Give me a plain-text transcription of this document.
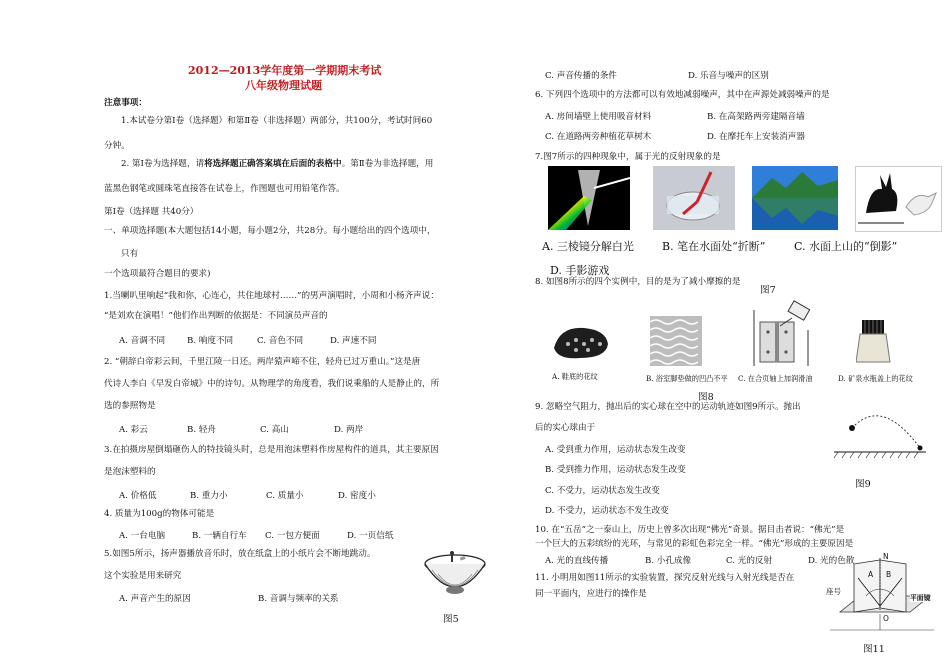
2012—2013学年度第一学期期末考试
八年级物理试题
注意事项：
1.本试卷分第Ⅰ卷（选择题）和第Ⅱ卷（非选择题）两部分，共100分，考试时间60
分钟。
2. 第Ⅰ卷为选择题，请将选择题正确答案填在后面的表格中。第Ⅱ卷为非选择题，用
蓝黑色钢笔或圆珠笔直接答在试卷上，作图题也可用铅笔作答。
第Ⅰ卷（选择题 共40分）
一、单项选择题(本大题包括14小题，每小题2分，共28分。每小题给出的四个选项中，
只有
一个选项最符合题目的要求)
1.当喇叭里响起“我和你，心连心，共住地球村……”的男声演唱时，小周和小杨齐声说：
“是刘欢在演唱！”他们作出判断的依据是：不同演员声音的
A. 音调不同	B. 响度不同	C. 音色不同	D. 声速不同
2. “朝辞白帝彩云间，千里江陵一日还。两岸猿声啼不住，轻舟已过万重山。”这是唐
代诗人李白《早发白帝城》中的诗句。从物理学的角度看，我们说乘船的人是静止的，所
选的参照物是
A. 彩云	B. 轻舟	C. 高山	D. 两岸
3.在拍摄房屋倒塌砸伤人的特技镜头时，总是用泡沫塑料作房屋构件的道具，其主要原因
是泡沫塑料的
A. 价格低	B. 重力小	C. 质量小	D. 密度小
4. 质量为100g的物体可能是
A. 一台电脑	B. 一辆自行车 C. 一包方便面	D. 一页信纸
5.如图5所示，扬声器播放音乐时，放在纸盒上的小纸片会不断地跳动。
这个实验是用来研究
A. 声音产生的原因	B. 音调与频率的关系
图5
C. 声音传播的条件	D. 乐音与噪声的区别
6. 下列四个选项中的方法都可以有效地减弱噪声，其中在声源处减弱噪声的是
A. 房间墙壁上使用吸音材料	B. 在高架路两旁建隔音墙
C. 在道路两旁种植花草树木	D. 在摩托车上安装消声器
7.图7所示的四种现象中，属于光的反射现象的是
A. 三棱镜分解白光	B. 笔在水面处“折断”	C. 水面上山的“倒影”
D. 手影游戏
8. 如图8所示的四个实例中，目的是为了减小摩擦的是
图7
A. 鞋底的花纹	B. 浴室脚垫做的凹凸不平 C. 在合页轴上加润滑油	D. 矿泉水瓶盖上的花纹
图8
9. 忽略空气阻力，抛出后的实心球在空中的运动轨迹如图9所示。抛出
后的实心球由于
A. 受到重力作用，运动状态发生改变
B. 受到推力作用，运动状态发生改变
C. 不受力，运动状态发生改变
D. 不受力，运动状态不发生改变
图9
10. 在“五岳”之一泰山上，历史上曾多次出现“佛光”奇景。据目击者说：“佛光”是
一个巨大的五彩缤纷的光环，与常见的彩虹色彩完全一样。“佛光”形成的主要原因是
A. 光的直线传播	B. 小孔成像	C. 光的反射	D. 光的色散
11. 小明用如图11所示的实验装置，探究反射光线与入射光线是否在
同一平面内，应进行的操作是
N
A B
O
座号
平面镜
图11
